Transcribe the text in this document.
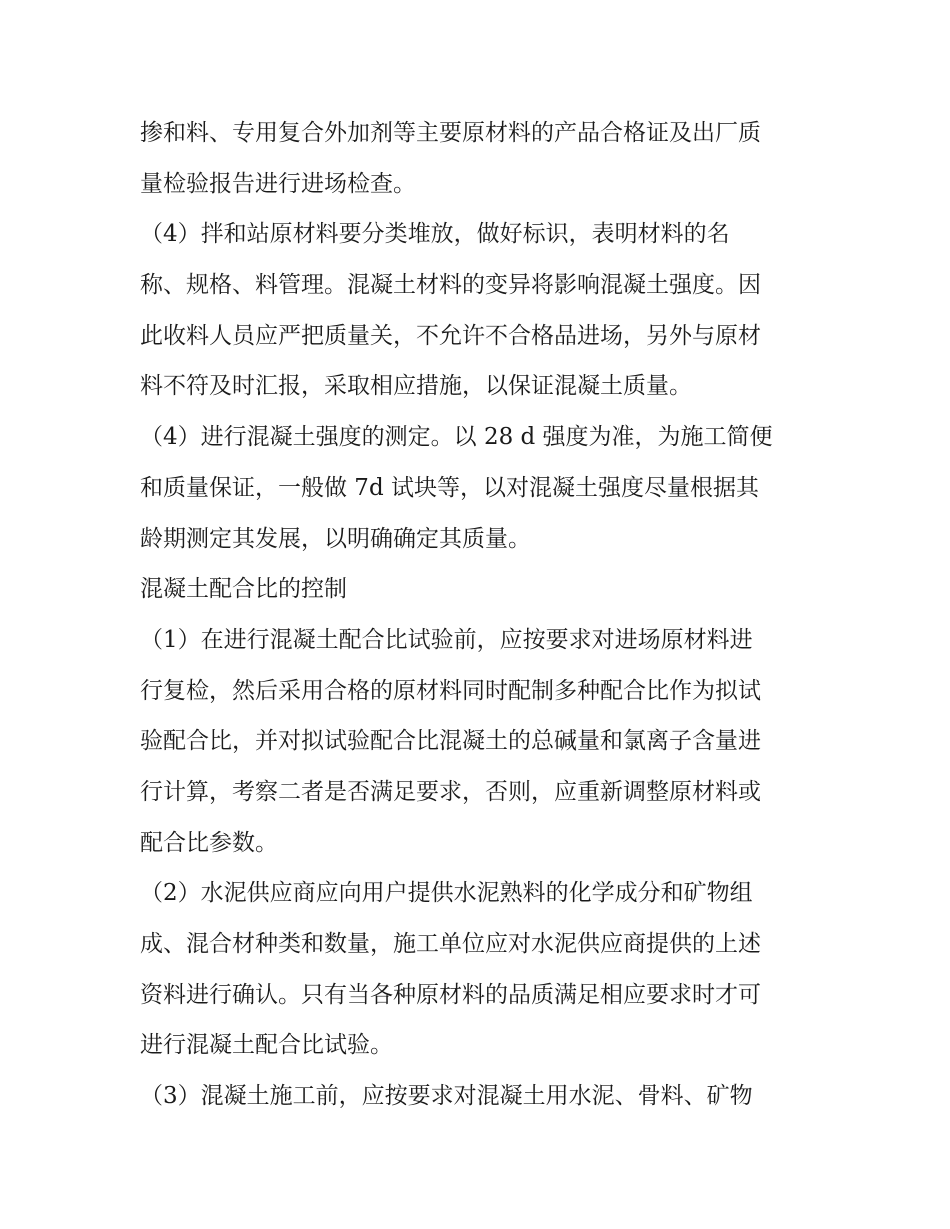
掺和料、专用复合外加剂等主要原材料的产品合格证及出厂质
量检验报告进行进场检查。
（4）拌和站原材料要分类堆放，做好标识，表明材料的名
称、规格、料管理。混凝土材料的变异将影响混凝土强度。因
此收料人员应严把质量关，不允许不合格品进场，另外与原材
料不符及时汇报，采取相应措施，以保证混凝土质量。
（4）进行混凝土强度的测定。以 28 d 强度为准，为施工简便
和质量保证，一般做 7d 试块等，以对混凝土强度尽量根据其
龄期测定其发展，以明确确定其质量。
混凝土配合比的控制
（1）在进行混凝土配合比试验前，应按要求对进场原材料进
行复检，然后采用合格的原材料同时配制多种配合比作为拟试
验配合比，并对拟试验配合比混凝土的总碱量和氯离子含量进
行计算，考察二者是否满足要求，否则，应重新调整原材料或
配合比参数。
（2）水泥供应商应向用户提供水泥熟料的化学成分和矿物组
成、混合材种类和数量，施工单位应对水泥供应商提供的上述
资料进行确认。只有当各种原材料的品质满足相应要求时才可
进行混凝土配合比试验。
（3）混凝土施工前，应按要求对混凝土用水泥、骨料、矿物
